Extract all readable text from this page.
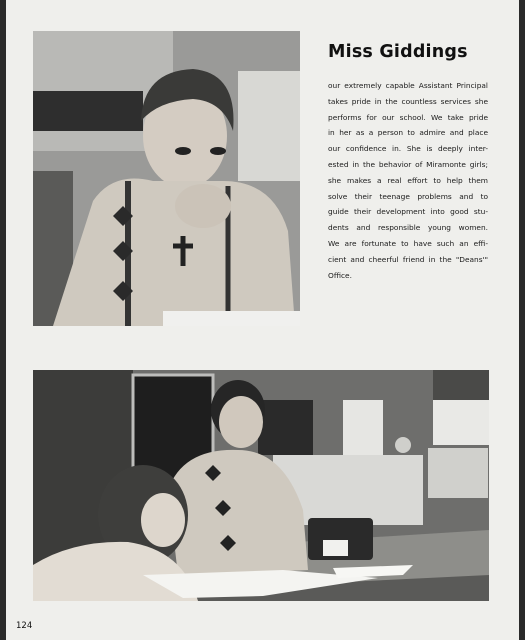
Miss Giddings
our extremely capable Assistant Principal
takes pride in the countless services she
performs for our school. We take pride
in her as a person to admire and place
our confidence in. She is deeply inter-
ested in the behavior of Miramonte girls;
she makes a real effort to help them
solve their teenage problems and to
guide their development into good stu-
dents and responsible young women.
We are fortunate to have such an effi-
cient and cheerful friend in the "Deans'"
Office.
124
